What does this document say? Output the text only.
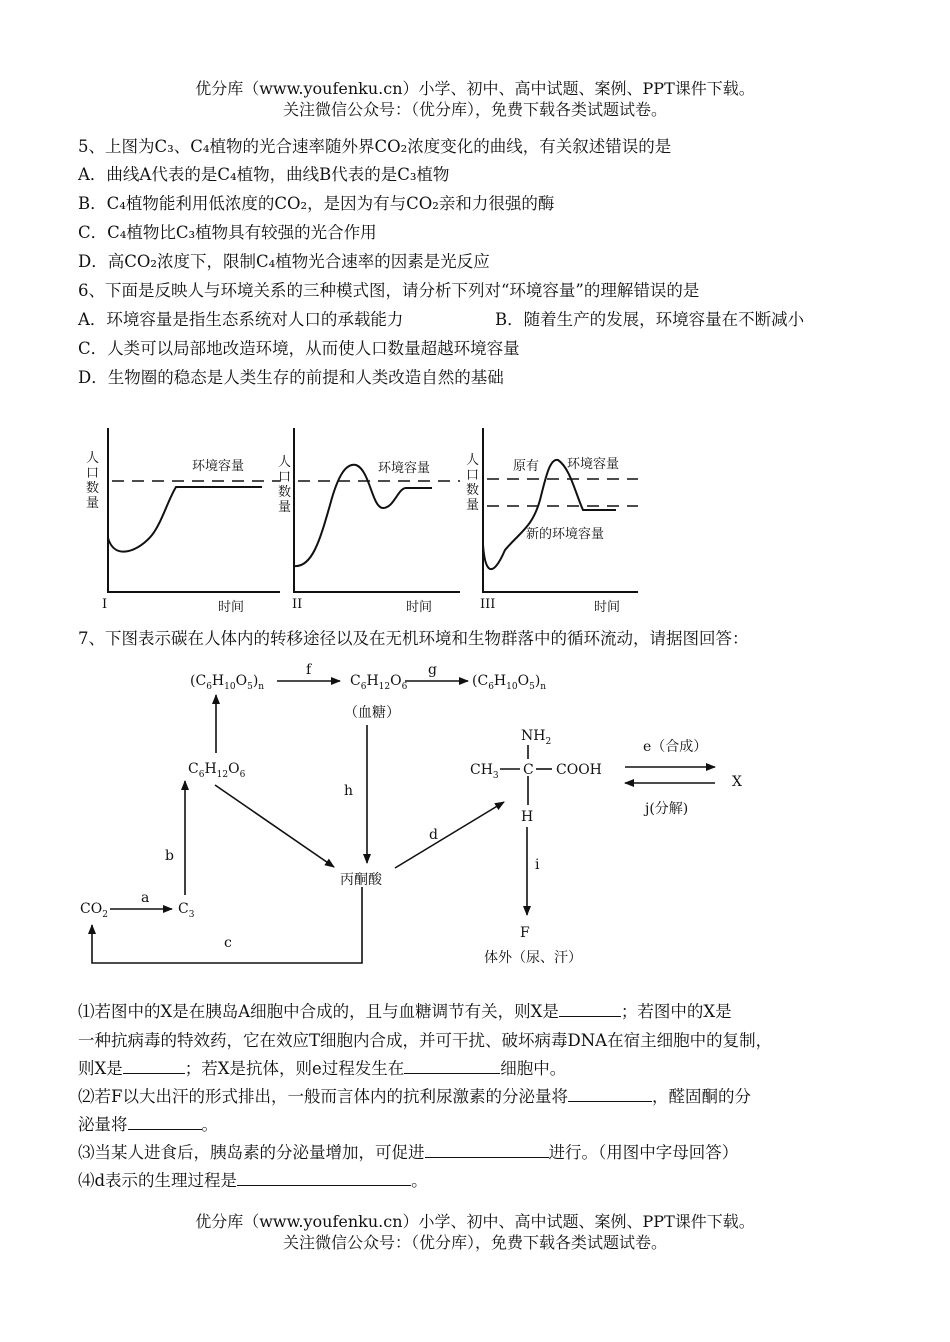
优分库（www.youfenku.cn）小学、初中、高中试题、案例、PPT课件下载。
关注微信公众号：（优分库），免费下载各类试题试卷。
5、上图为C₃、C₄植物的光合速率随外界CO₂浓度变化的曲线，有关叙述错误的是
A．曲线A代表的是C₄植物，曲线B代表的是C₃植物
B．C₄植物能利用低浓度的CO₂，是因为有与CO₂亲和力很强的酶
C．C₄植物比C₃植物具有较强的光合作用
D．高CO₂浓度下，限制C₄植物光合速率的因素是光反应
6、下面是反映人与环境关系的三种模式图，请分析下列对“环境容量”的理解错误的是
A．环境容量是指生态系统对人口的承载能力	B．随着生产的发展，环境容量在不断减小
C．人类可以局部地改造环境，从而使人口数量超越环境容量
D．生物圈的稳态是人类生存的前提和人类改造自然的基础
人
口
数
量
环境容量
I	时间
人
口
数
量
环境容量
II	时间
人
口
数
量
原有 环境容量
新的环境容量
III	时间
7、下图表示碳在人体内的转移途径以及在无机环境和生物群落中的循环流动，请据图回答：
$(C_6H_{10}O_5)_n$	$C_6H_{12}O_6$
（血糖）
$(C_6H_{10}O_5)_n$
$C_6H_{12}O_6$
$CO_2$	$C_3$
丙酮酸
$NH_2$
$CH_3$ C COOH
H
X
F
体外（尿、汗）
f	g
h
b
a
c
d
i
e（合成）
j(分解)
⑴若图中的X是在胰岛A细胞中合成的，且与血糖调节有关，则X是	；若图中的X是
一种抗病毒的特效药，它在效应T细胞内合成，并可干扰、破坏病毒DNA在宿主细胞中的复制，
则X是	；若X是抗体，则e过程发生在	细胞中。
⑵若F以大出汗的形式排出，一般而言体内的抗利尿激素的分泌量将	，醛固酮的分
泌量将	。
⑶当某人进食后，胰岛素的分泌量增加，可促进	进行。（用图中字母回答）
⑷d表示的生理过程是	。
优分库（www.youfenku.cn）小学、初中、高中试题、案例、PPT课件下载。
关注微信公众号：（优分库），免费下载各类试题试卷。
